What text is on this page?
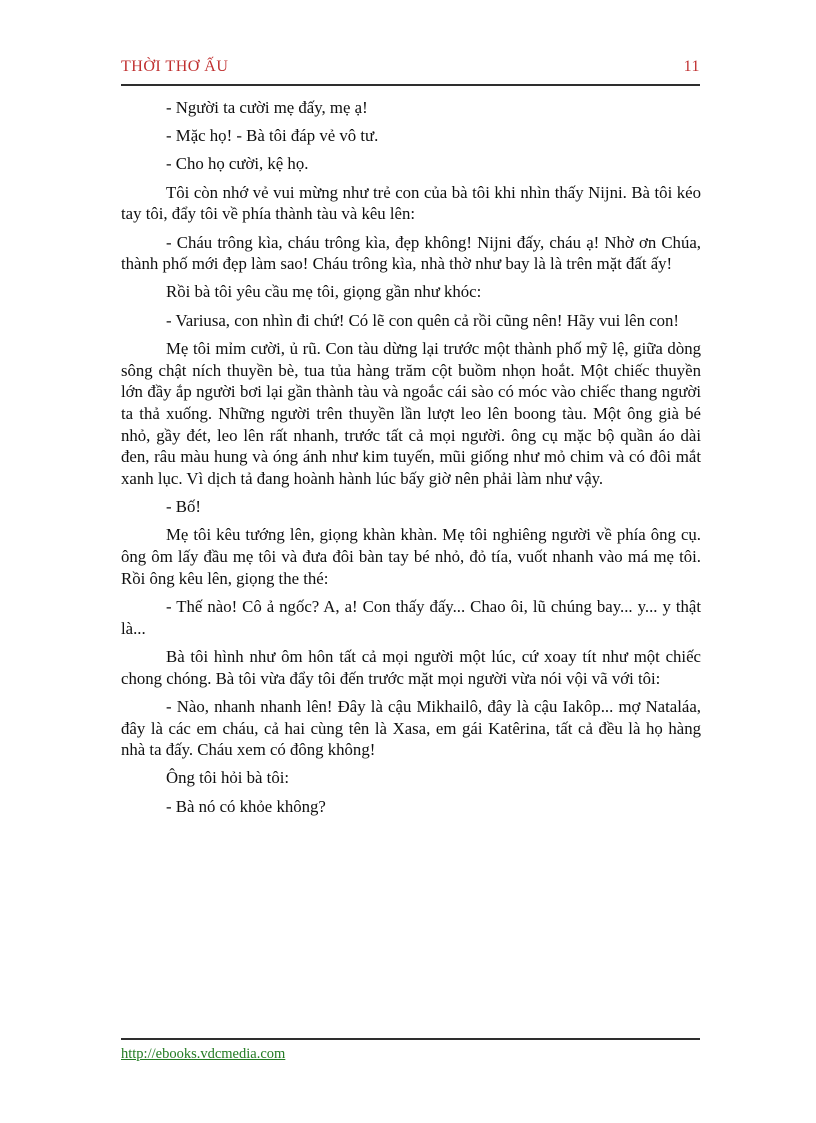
THỜI THƠ ẤU	11

- Người ta cười mẹ đấy, mẹ ạ!

- Mặc họ! - Bà tôi đáp vẻ vô tư.

- Cho họ cười, kệ họ.

Tôi còn nhớ vẻ vui mừng như trẻ con của bà tôi khi nhìn thấy Nijni. Bà tôi kéo tay tôi, đẩy tôi về phía thành tàu và kêu lên:

- Cháu trông kìa, cháu trông kìa, đẹp không! Nijni đấy, cháu ạ! Nhờ ơn Chúa, thành phố mới đẹp làm sao! Cháu trông kìa, nhà thờ như bay là là trên mặt đất ấy!

Rồi bà tôi yêu cầu mẹ tôi, giọng gần như khóc:

- Variusa, con nhìn đi chứ! Có lẽ con quên cả rồi cũng nên! Hãy vui lên con!

Mẹ tôi mỉm cười, ủ rũ. Con tàu dừng lại trước một thành phố mỹ lệ, giữa dòng sông chật ních thuyền bè, tua tủa hàng trăm cột buồm nhọn hoắt. Một chiếc thuyền lớn đầy ắp người bơi lại gần thành tàu và ngoắc cái sào có móc vào chiếc thang người ta thả xuống. Những người trên thuyền lần lượt leo lên boong tàu. Một ông già bé nhỏ, gầy đét, leo lên rất nhanh, trước tất cả mọi người. ông cụ mặc bộ quần áo dài đen, râu màu hung và óng ánh như kim tuyến, mũi giống như mỏ chim và có đôi mắt xanh lục. Vì dịch tả đang hoành hành lúc bấy giờ nên phải làm như vậy.

- Bố!

Mẹ tôi kêu tướng lên, giọng khàn khàn. Mẹ tôi nghiêng người về phía ông cụ. ông ôm lấy đầu mẹ tôi và đưa đôi bàn tay bé nhỏ, đỏ tía, vuốt nhanh vào má mẹ tôi. Rồi ông kêu lên, giọng the thé:

- Thế nào! Cô ả ngốc? A, a! Con thấy đấy... Chao ôi, lũ chúng bay... y... y thật là...

Bà tôi hình như ôm hôn tất cả mọi người một lúc, cứ xoay tít như một chiếc chong chóng. Bà tôi vừa đẩy tôi đến trước mặt mọi người vừa nói vội vã với tôi:

- Nào, nhanh nhanh lên! Đây là cậu Mikhailô, đây là cậu Iakôp... mợ Nataláa, đây là các em cháu, cả hai cùng tên là Xasa, em gái Katêrina, tất cả đều là họ hàng nhà ta đấy. Cháu xem có đông không!

Ông tôi hỏi bà tôi:

- Bà nó có khỏe không?

http://ebooks.vdcmedia.com
